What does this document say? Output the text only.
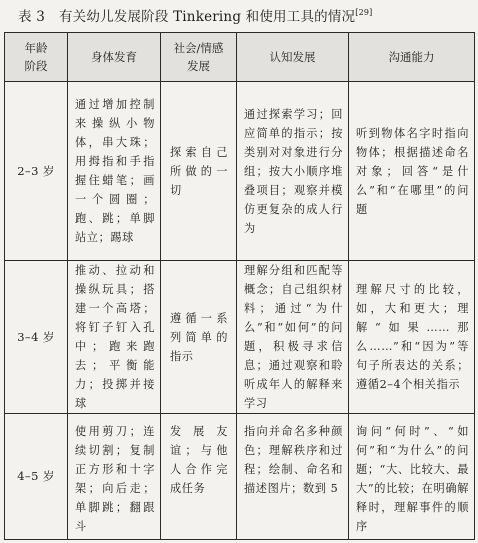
表 3 有关幼儿发展阶段 Tinkering 和使用工具的情况[29]
年龄阶段	身体发育	社会/情感发展	认知发展	沟通能力
2–3 岁	通过增加控制来操纵小物体，串大珠；用拇指和手指握住蜡笔；画一个圆圈；跑、跳；单脚站立；踢球	探索自己所做的一切	通过探索学习；回应简单的指示；按类别对对象进行分组；按大小顺序堆叠项目；观察并模仿更复杂的成人行为	听到物体名字时指向物体；根据描述命名对象；回答“是什么”和“在哪里”的问题
3–4 岁	推动、拉动和操纵玩具；搭建一个高塔；将钉子钉入孔中；跑来跑去；平衡能力；投掷并接球	遵循一系列简单的指示	理解分组和匹配等概念；自己组织材料；通过“为什么”和“如何”的问题，积极寻求信息；通过观察和聆听成年人的解释来学习	理解尺寸的比较，如，大和更大；理解“如果……那么……”和“因为”等句子所表达的关系；遵循2–4个相关指示
4–5 岁	使用剪刀；连续切割；复制正方形和十字架；向后走；单脚跳；翻跟斗	发展友谊；与他人合作完成任务	指向并命名多种颜色；理解秩序和过程；绘制、命名和描述图片；数到 5	询问“何时”、“如何”和“为什么”的问题；“大、比较大、最大”的比较；在明确解释时，理解事件的顺序
